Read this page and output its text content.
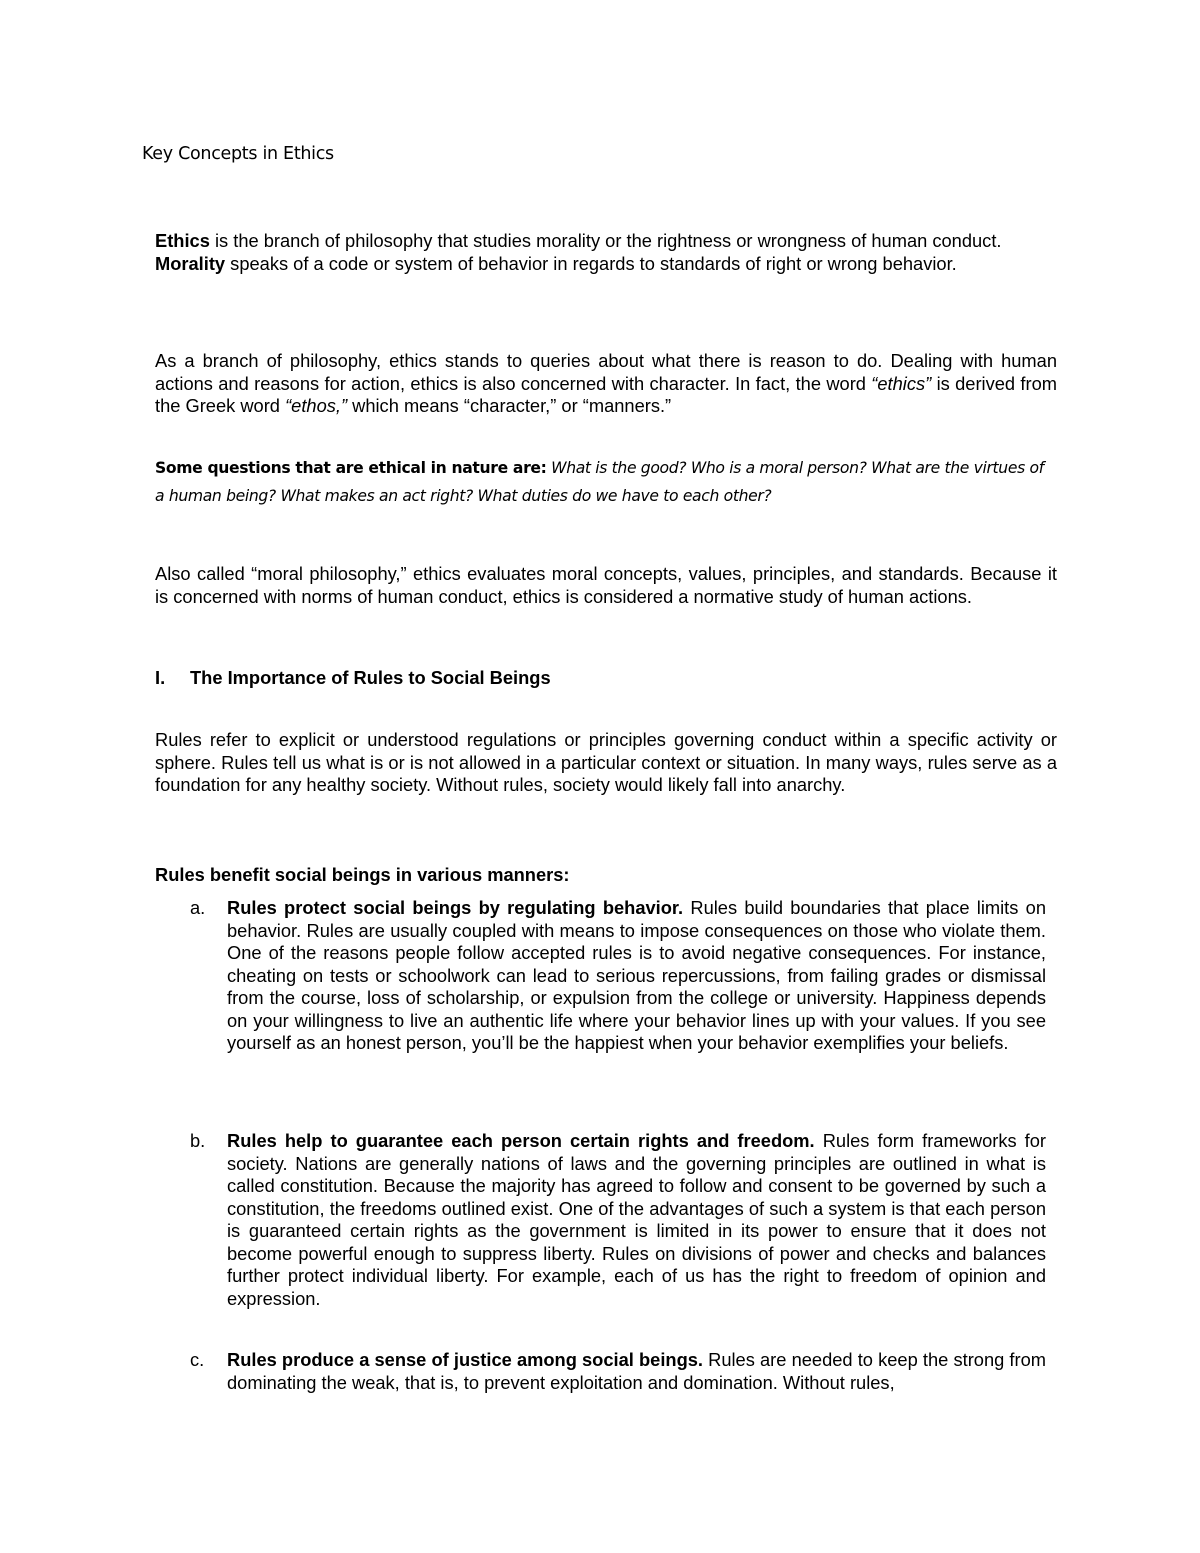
Key Concepts in Ethics

Ethics is the branch of philosophy that studies morality or the rightness or wrongness of human conduct.

Morality speaks of a code or system of behavior in regards to standards of right or wrong behavior.

As a branch of philosophy, ethics stands to queries about what there is reason to do. Dealing with human actions and reasons for action, ethics is also concerned with character. In fact, the word “ethics” is derived from the Greek word “ethos,” which means “character,” or “manners.”

Some questions that are ethical in nature are: What is the good? Who is a moral person? What are the virtues of a human being? What makes an act right? What duties do we have to each other?

Also called “moral philosophy,” ethics evaluates moral concepts, values, principles, and standards. Because it is concerned with norms of human conduct, ethics is considered a normative study of human actions.

I. The Importance of Rules to Social Beings

Rules refer to explicit or understood regulations or principles governing conduct within a specific activity or sphere. Rules tell us what is or is not allowed in a particular context or situation. In many ways, rules serve as a foundation for any healthy society. Without rules, society would likely fall into anarchy.

Rules benefit social beings in various manners:
a. Rules protect social beings by regulating behavior. Rules build boundaries that place limits on behavior. Rules are usually coupled with means to impose consequences on those who violate them. One of the reasons people follow accepted rules is to avoid negative consequences. For instance, cheating on tests or schoolwork can lead to serious repercussions, from failing grades or dismissal from the course, loss of scholarship, or expulsion from the college or university. Happiness depends on your willingness to live an authentic life where your behavior lines up with your values. If you see yourself as an honest person, you’ll be the happiest when your behavior exemplifies your beliefs.
b. Rules help to guarantee each person certain rights and freedom. Rules form frameworks for society. Nations are generally nations of laws and the governing principles are outlined in what is called constitution. Because the majority has agreed to follow and consent to be governed by such a constitution, the freedoms outlined exist. One of the advantages of such a system is that each person is guaranteed certain rights as the government is limited in its power to ensure that it does not become powerful enough to suppress liberty. Rules on divisions of power and checks and balances further protect individual liberty. For example, each of us has the right to freedom of opinion and expression.
c. Rules produce a sense of justice among social beings. Rules are needed to keep the strong from dominating the weak, that is, to prevent exploitation and domination. Without rules,
